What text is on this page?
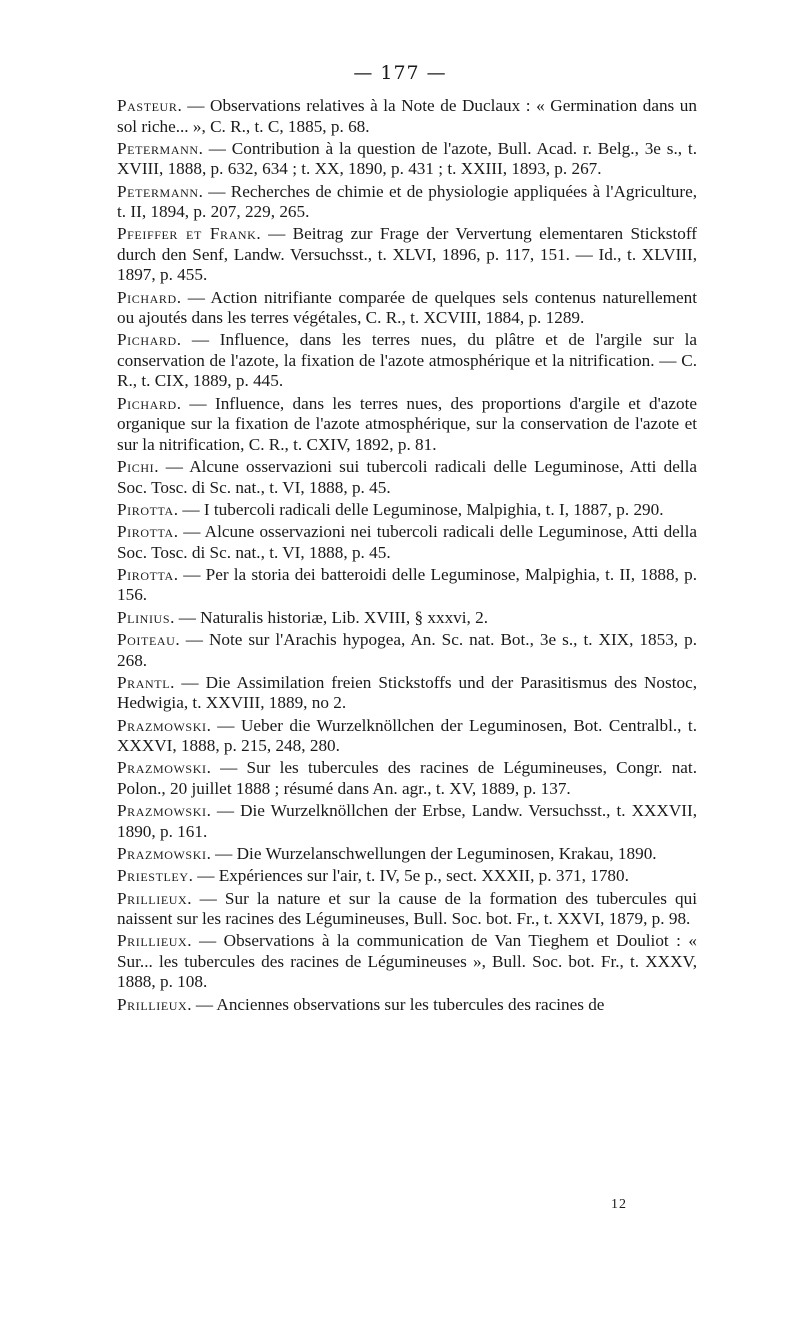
— 177 —

Pasteur. — Observations relatives à la Note de Duclaux : « Germination dans un sol riche... », C. R., t. C, 1885, p. 68.

Petermann. — Contribution à la question de l'azote, Bull. Acad. r. Belg., 3e s., t. XVIII, 1888, p. 632, 634 ; t. XX, 1890, p. 431 ; t. XXIII, 1893, p. 267.

Petermann. — Recherches de chimie et de physiologie appliquées à l'Agriculture, t. II, 1894, p. 207, 229, 265.

Pfeiffer et Frank. — Beitrag zur Frage der Ververtung elementaren Stickstoff durch den Senf, Landw. Versuchsst., t. XLVI, 1896, p. 117, 151. — Id., t. XLVIII, 1897, p. 455.

Pichard. — Action nitrifiante comparée de quelques sels contenus naturellement ou ajoutés dans les terres végétales, C. R., t. XCVIII, 1884, p. 1289.

Pichard. — Influence, dans les terres nues, du plâtre et de l'argile sur la conservation de l'azote, la fixation de l'azote atmosphérique et la nitrification. — C. R., t. CIX, 1889, p. 445.

Pichard. — Influence, dans les terres nues, des proportions d'argile et d'azote organique sur la fixation de l'azote atmosphérique, sur la conservation de l'azote et sur la nitrification, C. R., t. CXIV, 1892, p. 81.

Pichi. — Alcune osservazioni sui tubercoli radicali delle Leguminose, Atti della Soc. Tosc. di Sc. nat., t. VI, 1888, p. 45.

Pirotta. — I tubercoli radicali delle Leguminose, Malpighia, t. I, 1887, p. 290.

Pirotta. — Alcune osservazioni nei tubercoli radicali delle Leguminose, Atti della Soc. Tosc. di Sc. nat., t. VI, 1888, p. 45.

Pirotta. — Per la storia dei batteroidi delle Leguminose, Malpighia, t. II, 1888, p. 156.

Plinius. — Naturalis historiæ, Lib. XVIII, § xxxvi, 2.

Poiteau. — Note sur l'Arachis hypogea, An. Sc. nat. Bot., 3e s., t. XIX, 1853, p. 268.

Prantl. — Die Assimilation freien Stickstoffs und der Parasitismus des Nostoc, Hedwigia, t. XXVIII, 1889, no 2.

Prazmowski. — Ueber die Wurzelknöllchen der Leguminosen, Bot. Centralbl., t. XXXVI, 1888, p. 215, 248, 280.

Prazmowski. — Sur les tubercules des racines de Légumineuses, Congr. nat. Polon., 20 juillet 1888 ; résumé dans An. agr., t. XV, 1889, p. 137.

Prazmowski. — Die Wurzelknöllchen der Erbse, Landw. Versuchsst., t. XXXVII, 1890, p. 161.

Prazmowski. — Die Wurzelanschwellungen der Leguminosen, Krakau, 1890.

Priestley. — Expériences sur l'air, t. IV, 5e p., sect. XXXII, p. 371, 1780.

Prillieux. — Sur la nature et sur la cause de la formation des tubercules qui naissent sur les racines des Légumineuses, Bull. Soc. bot. Fr., t. XXVI, 1879, p. 98.

Prillieux. — Observations à la communication de Van Tieghem et Douliot : « Sur... les tubercules des racines de Légumineuses », Bull. Soc. bot. Fr., t. XXXV, 1888, p. 108.

Prillieux. — Anciennes observations sur les tubercules des racines de

12
